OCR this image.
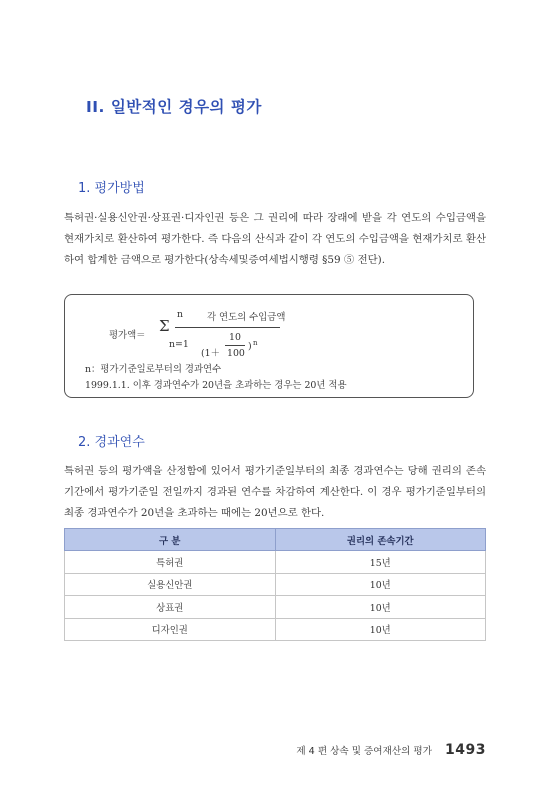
II. 일반적인 경우의 평가
1. 평가방법
특허권·실용신안권·상표권·디자인권 등은 그 권리에 따라 장래에 받을 각 연도의 수입금액을 현재가치로 환산하여 평가한다. 즉 다음의 산식과 같이 각 연도의 수입금액을 현재가치로 환산하여 합계한 금액으로 평가한다(상속세및증여세법시행령 §59 ⑤ 전단).
n	각 연도의 수입금액
평가액＝
Σ
n=1
(1＋
10
100
) n
n：평가기준일로부터의 경과연수
1999.1.1. 이후 경과연수가 20년을 초과하는 경우는 20년 적용
2. 경과연수
특허권 등의 평가액을 산정함에 있어서 평가기준일부터의 최종 경과연수는 당해 권리의 존속기간에서 평가기준일 전일까지 경과된 연수를 차감하여 계산한다. 이 경우 평가기준일부터의 최종 경과연수가 20년을 초과하는 때에는 20년으로 한다.
구 분	권리의 존속기간
특허권	15년
실용신안권	10년
상표권	10년
디자인권	10년
제 4 편 상속 및 증여재산의 평가 1493
